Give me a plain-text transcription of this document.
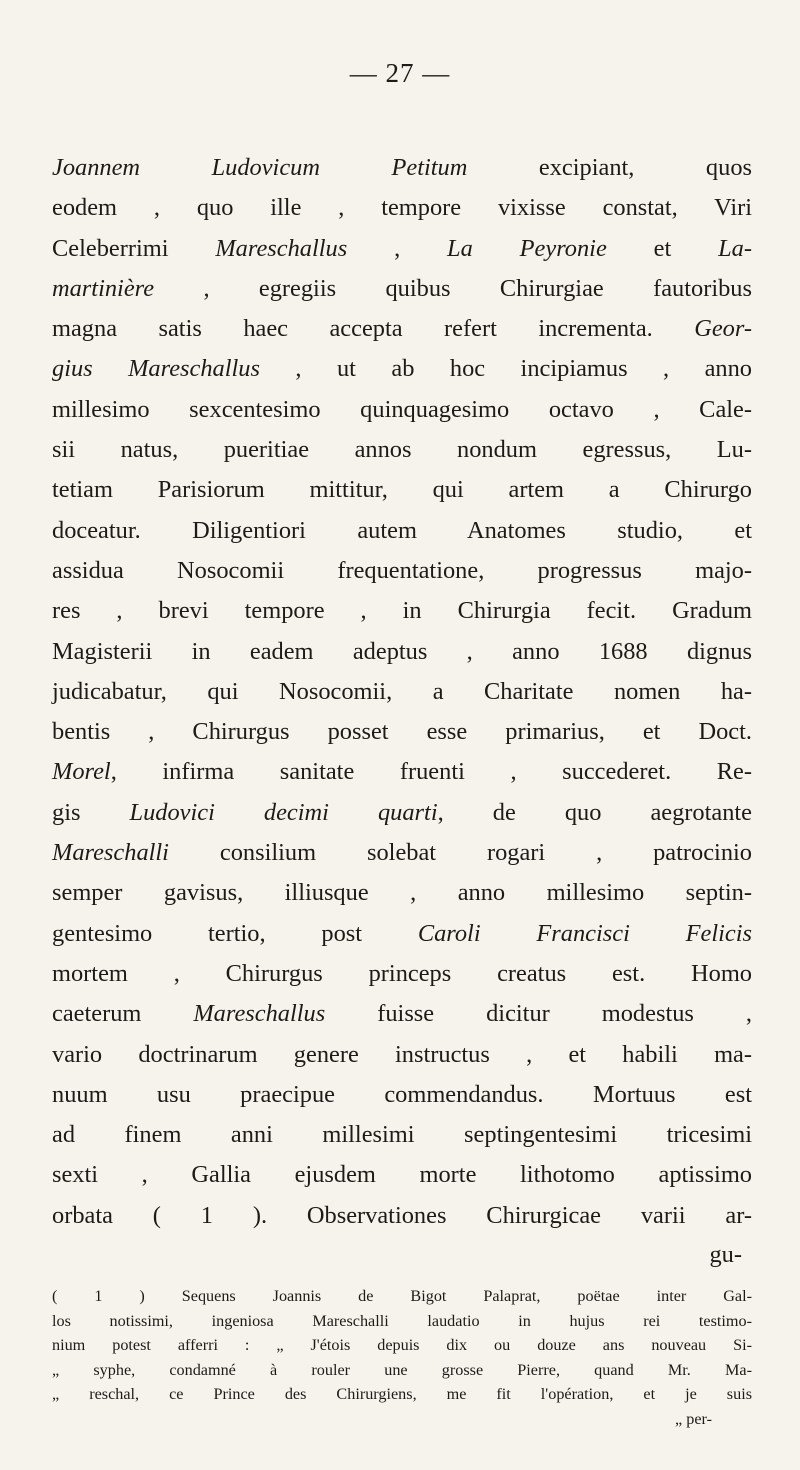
— 27 —
Joannem Ludovicum Petitum excipiant, quos
eodem , quo ille , tempore vixisse constat, Viri
Celeberrimi Mareschallus , La Peyronie et La-
martinière , egregiis quibus Chirurgiae fautoribus
magna satis haec accepta refert incrementa. Geor-
gius Mareschallus , ut ab hoc incipiamus , anno
millesimo sexcentesimo quinquagesimo octavo , Cale-
sii natus, pueritiae annos nondum egressus, Lu-
tetiam Parisiorum mittitur, qui artem a Chirurgo
doceatur. Diligentiori autem Anatomes studio, et
assidua Nosocomii frequentatione, progressus majo-
res , brevi tempore , in Chirurgia fecit. Gradum
Magisterii in eadem adeptus , anno 1688 dignus
judicabatur, qui Nosocomii, a Charitate nomen ha-
bentis , Chirurgus posset esse primarius, et Doct.
Morel, infirma sanitate fruenti , succederet. Re-
gis Ludovici decimi quarti, de quo aegrotante
Mareschalli consilium solebat rogari , patrocinio
semper gavisus, illiusque , anno millesimo septin-
gentesimo tertio, post Caroli Francisci Felicis
mortem , Chirurgus princeps creatus est. Homo
caeterum Mareschallus fuisse dicitur modestus ,
vario doctrinarum genere instructus , et habili ma-
nuum usu praecipue commendandus. Mortuus est
ad finem anni millesimi septingentesimi tricesimi
sexti , Gallia ejusdem morte lithotomo aptissimo
orbata ( 1 ). Observationes Chirurgicae varii ar-
gu-
( 1 ) Sequens Joannis de Bigot Palaprat, poëtae inter Gal-
los notissimi, ingeniosa Mareschalli laudatio in hujus rei testimo-
nium potest afferri : „ J'étois depuis dix ou douze ans nouveau Si-
„ syphe, condamné à rouler une grosse Pierre, quand Mr. Ma-
„ reschal, ce Prince des Chirurgiens, me fit l'opération, et je suis
„ per-
